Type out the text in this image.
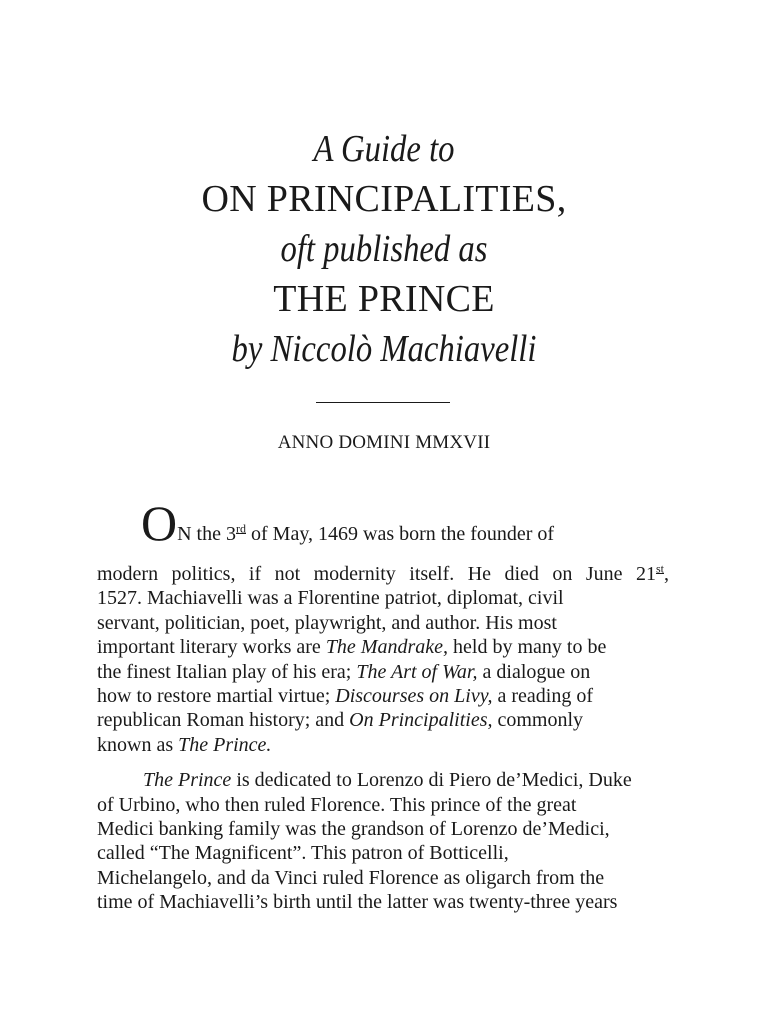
A Guide to
ON PRINCIPALITIES,
oft published as
THE PRINCE
by Niccolò Machiavelli
ANNO DOMINI MMXVII
ON the 3rd of May, 1469 was born the founder of
modern politics, if not modernity itself. He died on June 21st,
1527. Machiavelli was a Florentine patriot, diplomat, civil
servant, politician, poet, playwright, and author. His most
important literary works are The Mandrake, held by many to be
the finest Italian play of his era; The Art of War, a dialogue on
how to restore martial virtue; Discourses on Livy, a reading of
republican Roman history; and On Principalities, commonly
known as The Prince.
The Prince is dedicated to Lorenzo di Piero de’Medici, Duke
of Urbino, who then ruled Florence. This prince of the great
Medici banking family was the grandson of Lorenzo de’Medici,
called “The Magnificent”. This patron of Botticelli,
Michelangelo, and da Vinci ruled Florence as oligarch from the
time of Machiavelli’s birth until the latter was twenty-three years
